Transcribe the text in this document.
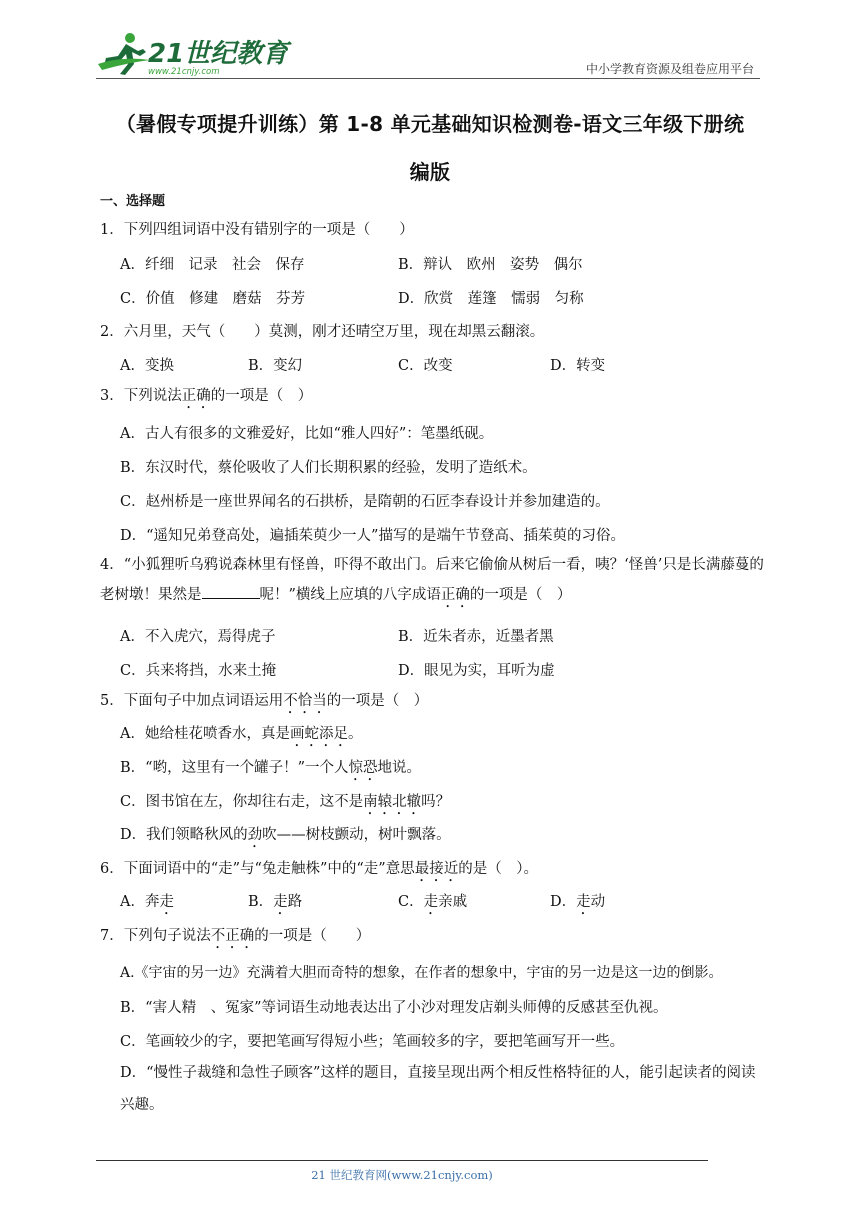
21世纪教育
www.21cnjy.com	中小学教育资源及组卷应用平台
（暑假专项提升训练）第 1-8 单元基础知识检测卷-语文三年级下册统
编版
一、选择题
1．下列四组词语中没有错别字的一项是（　　）
A．纤细　记录　社会　保存	B．辩认　欧州　姿势　偶尔
C．价值　修建　磨菇　芬芳	D．欣赏　莲篷　懦弱　匀称
2．六月里，天气（　　）莫测，刚才还晴空万里，现在却黑云翻滚。
A．变换	B．变幻	C．改变	D．转变
3．下列说法正确的一项是（　）
A．古人有很多的文雅爱好，比如“雅人四好”：笔墨纸砚。
B．东汉时代，蔡伦吸收了人们长期积累的经验，发明了造纸术。
C．赵州桥是一座世界闻名的石拱桥，是隋朝的石匠李春设计并参加建造的。
D．“遥知兄弟登高处，遍插茱萸少一人”描写的是端午节登高、插茱萸的习俗。
4．“小狐狸听乌鸦说森林里有怪兽，吓得不敢出门。后来它偷偷从树后一看，咦？‘怪兽’只是长满藤蔓的老树墩！果然是	呢！”横线上应填的八字成语正确的一项是（　）
A．不入虎穴，焉得虎子	B．近朱者赤，近墨者黑
C．兵来将挡，水来土掩	D．眼见为实，耳听为虚
5．下面句子中加点词语运用不恰当的一项是（　）
A．她给桂花喷香水，真是画蛇添足。
B．“哟，这里有一个罐子！”一个人惊恐地说。
C．图书馆在左，你却往右走，这不是南辕北辙吗？
D．我们领略秋风的劲吹——树枝颤动，树叶飘落。
6．下面词语中的“走”与“兔走触株”中的“走”意思最接近的是（　）。
A．奔走	B．走路	C．走亲戚	D．走动
7．下列句子说法不正确的一项是（　　）
A.《宇宙的另一边》充满着大胆而奇特的想象，在作者的想象中，宇宙的另一边是这一边的倒影。
B．“害人精　、冤家”等词语生动地表达出了小沙对理发店剃头师傅的反感甚至仇视。
C．笔画较少的字，要把笔画写得短小些；笔画较多的字，要把笔画写开一些。
D．“慢性子裁缝和急性子顾客”这样的题目，直接呈现出两个相反性格特征的人，能引起读者的阅读兴趣。
21 世纪教育网(www.21cnjy.com)
